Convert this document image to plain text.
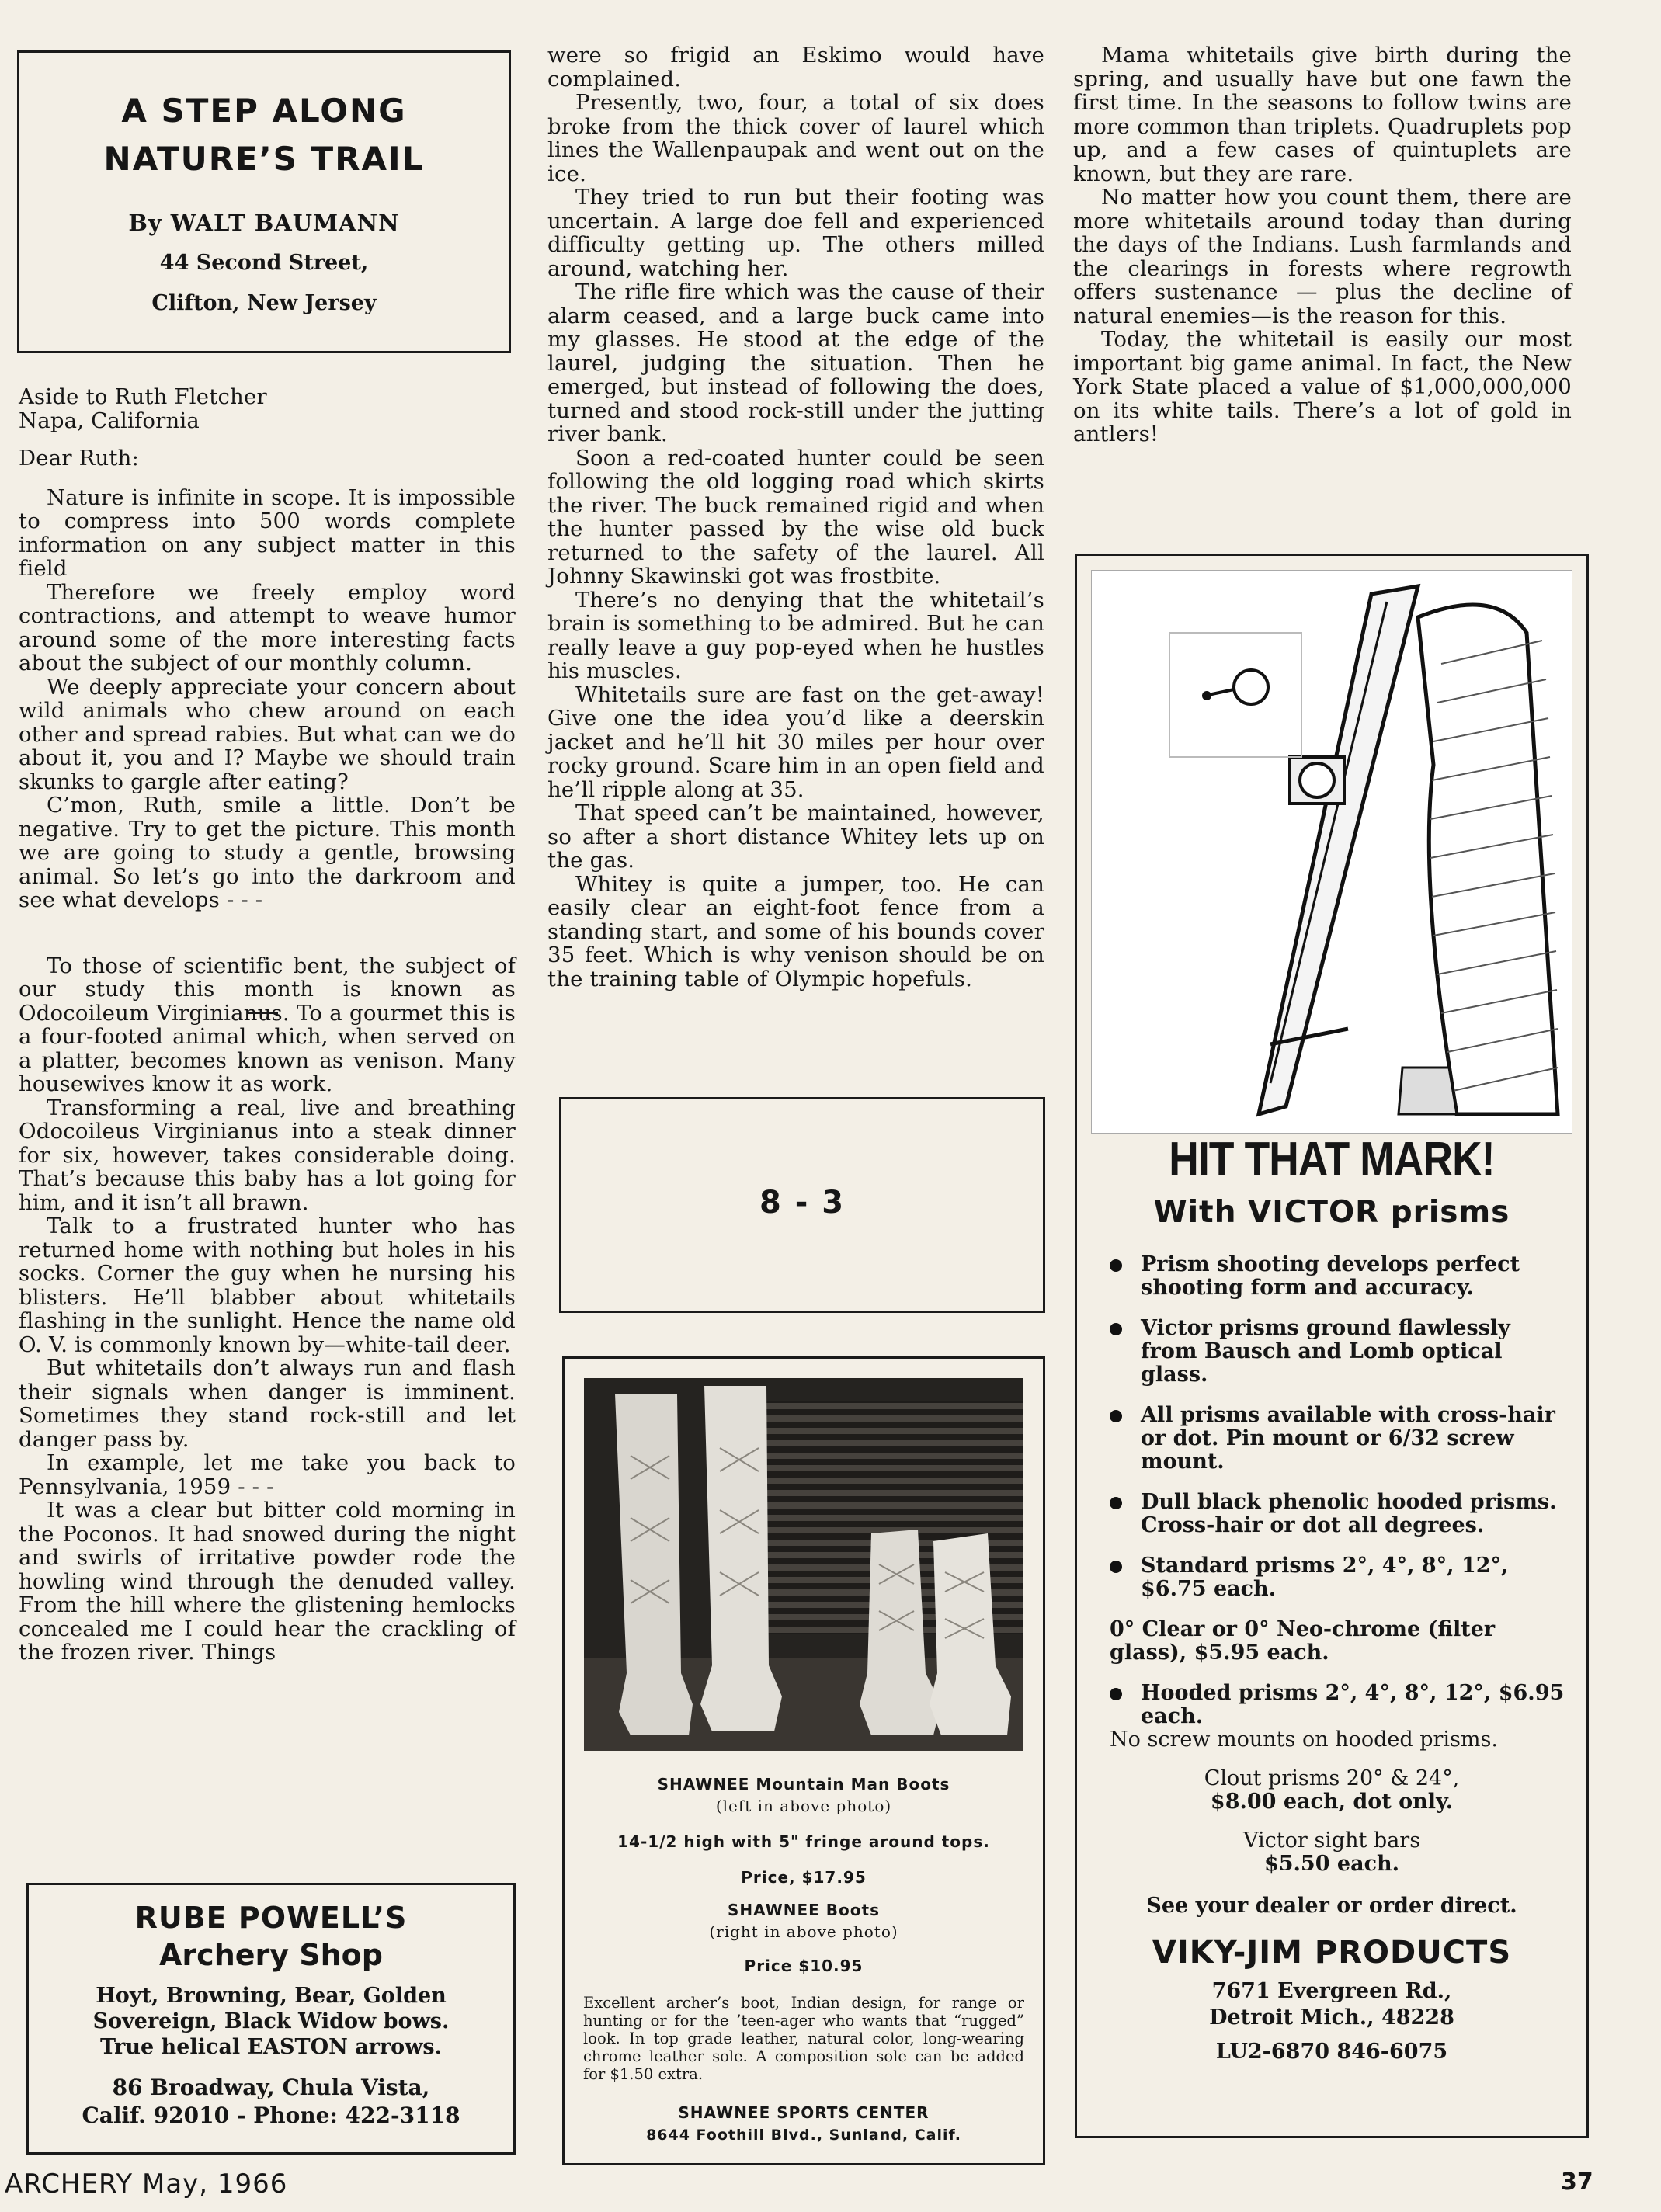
A STEP ALONG
NATURE’S TRAIL
By WALT BAUMANN
44 Second Street,
Clifton, New Jersey

Aside to Ruth Fletcher

Napa, California

Dear Ruth:

Nature is infinite in scope. It is impossible to compress into 500 words complete information on any subject matter in this field

Therefore we freely employ word contractions, and attempt to weave humor around some of the more interesting facts about the subject of our monthly column.

We deeply appreciate your concern about wild animals who chew around on each other and spread rabies. But what can we do about it, you and I? Maybe we should train skunks to gargle after eating?

C’mon, Ruth, smile a little. Don’t be negative. Try to get the picture. This month we are going to study a gentle, browsing animal. So let’s go into the darkroom and see what develops - - -

To those of scientific bent, the subject of our study this month is known as Odocoileum Virginianus. To a gourmet this is a four-footed animal which, when served on a platter, becomes known as venison. Many housewives know it as work.

Transforming a real, live and breathing Odocoileus Virginianus into a steak dinner for six, however, takes considerable doing. That’s because this baby has a lot going for him, and it isn’t all brawn.

Talk to a frustrated hunter who has returned home with nothing but holes in his socks. Corner the guy when he nursing his blisters. He’ll blabber about whitetails flashing in the sunlight. Hence the name old O. V. is commonly known by—white-tail deer.

But whitetails don’t always run and flash their signals when danger is imminent. Sometimes they stand rock-still and let danger pass by.

In example, let me take you back to Pennsylvania, 1959 - - -

It was a clear but bitter cold morning in the Poconos. It had snowed during the night and swirls of irritative powder rode the howling wind through the denuded valley. From the hill where the glistening hemlocks concealed me I could hear the crackling of the frozen river. Things

RUBE POWELL’S
Archery Shop
Hoyt, Browning, Bear, Golden
Sovereign, Black Widow bows.
True helical EASTON arrows.
86 Broadway, Chula Vista,
Calif. 92010 - Phone: 422-3118

were so frigid an Eskimo would have complained.

Presently, two, four, a total of six does broke from the thick cover of laurel which lines the Wallenpaupak and went out on the ice.

They tried to run but their footing was uncertain. A large doe fell and experienced difficulty getting up. The others milled around, watching her.

The rifle fire which was the cause of their alarm ceased, and a large buck came into my glasses. He stood at the edge of the laurel, judging the situation. Then he emerged, but instead of following the does, turned and stood rock-still under the jutting river bank.

Soon a red-coated hunter could be seen following the old logging road which skirts the river. The buck remained rigid and when the hunter passed by the wise old buck returned to the safety of the laurel. All Johnny Skawinski got was frostbite.

There’s no denying that the whitetail’s brain is something to be admired. But he can really leave a guy pop-eyed when he hustles his muscles.

Whitetails sure are fast on the get-away! Give one the idea you’d like a deerskin jacket and he’ll hit 30 miles per hour over rocky ground. Scare him in an open field and he’ll ripple along at 35.

That speed can’t be maintained, however, so after a short distance Whitey lets up on the gas.

Whitey is quite a jumper, too. He can easily clear an eight-foot fence from a standing start, and some of his bounds cover 35 feet. Which is why venison should be on the training table of Olympic hopefuls.

8 - 3
SHAWNEE Mountain Man Boots
(left in above photo)
14-1/2 high with 5" fringe around tops.
Price, $17.95
SHAWNEE Boots
(right in above photo)
Price $10.95
Excellent archer’s boot, Indian design, for range or hunting or for the ’teen-ager who wants that “rugged” look. In top grade leather, natural color, long-wearing chrome leather sole. A composition sole can be added for $1.50 extra.
SHAWNEE SPORTS CENTER
8644 Foothill Blvd., Sunland, Calif.

Mama whitetails give birth during the spring, and usually have but one fawn the first time. In the seasons to follow twins are more common than triplets. Quadruplets pop up, and a few cases of quintuplets are known, but they are rare.

No matter how you count them, there are more whitetails around today than during the days of the Indians. Lush farmlands and the clearings in forests where regrowth offers sustenance — plus the decline of natural enemies—is the reason for this.

Today, the whitetail is easily our most important big game animal. In fact, the New York State placed a value of $1,000,000,000 on its white tails. There’s a lot of gold in antlers!

HIT THAT MARK!
With VICTOR prisms
Prism shooting develops perfect shooting form and accuracy.
Victor prisms ground flawlessly from Bausch and Lomb optical glass.
All prisms available with cross-hair or dot. Pin mount or 6/32 screw mount.
Dull black phenolic hooded prisms. Cross-hair or dot all degrees.
Standard prisms 2°, 4°, 8°, 12°, $6.75 each.
0° Clear or 0° Neo-chrome (filter glass), $5.95 each.
Hooded prisms 2°, 4°, 8°, 12°, $6.95 each.
No screw mounts on hooded prisms.
Clout prisms 20° & 24°,
$8.00 each, dot only.
Victor sight bars
$5.50 each.
See your dealer or order direct.
VIKY-JIM PRODUCTS
7671 Evergreen Rd.,
Detroit Mich., 48228
LU2-6870 846-6075
ARCHERY May, 1966	37
